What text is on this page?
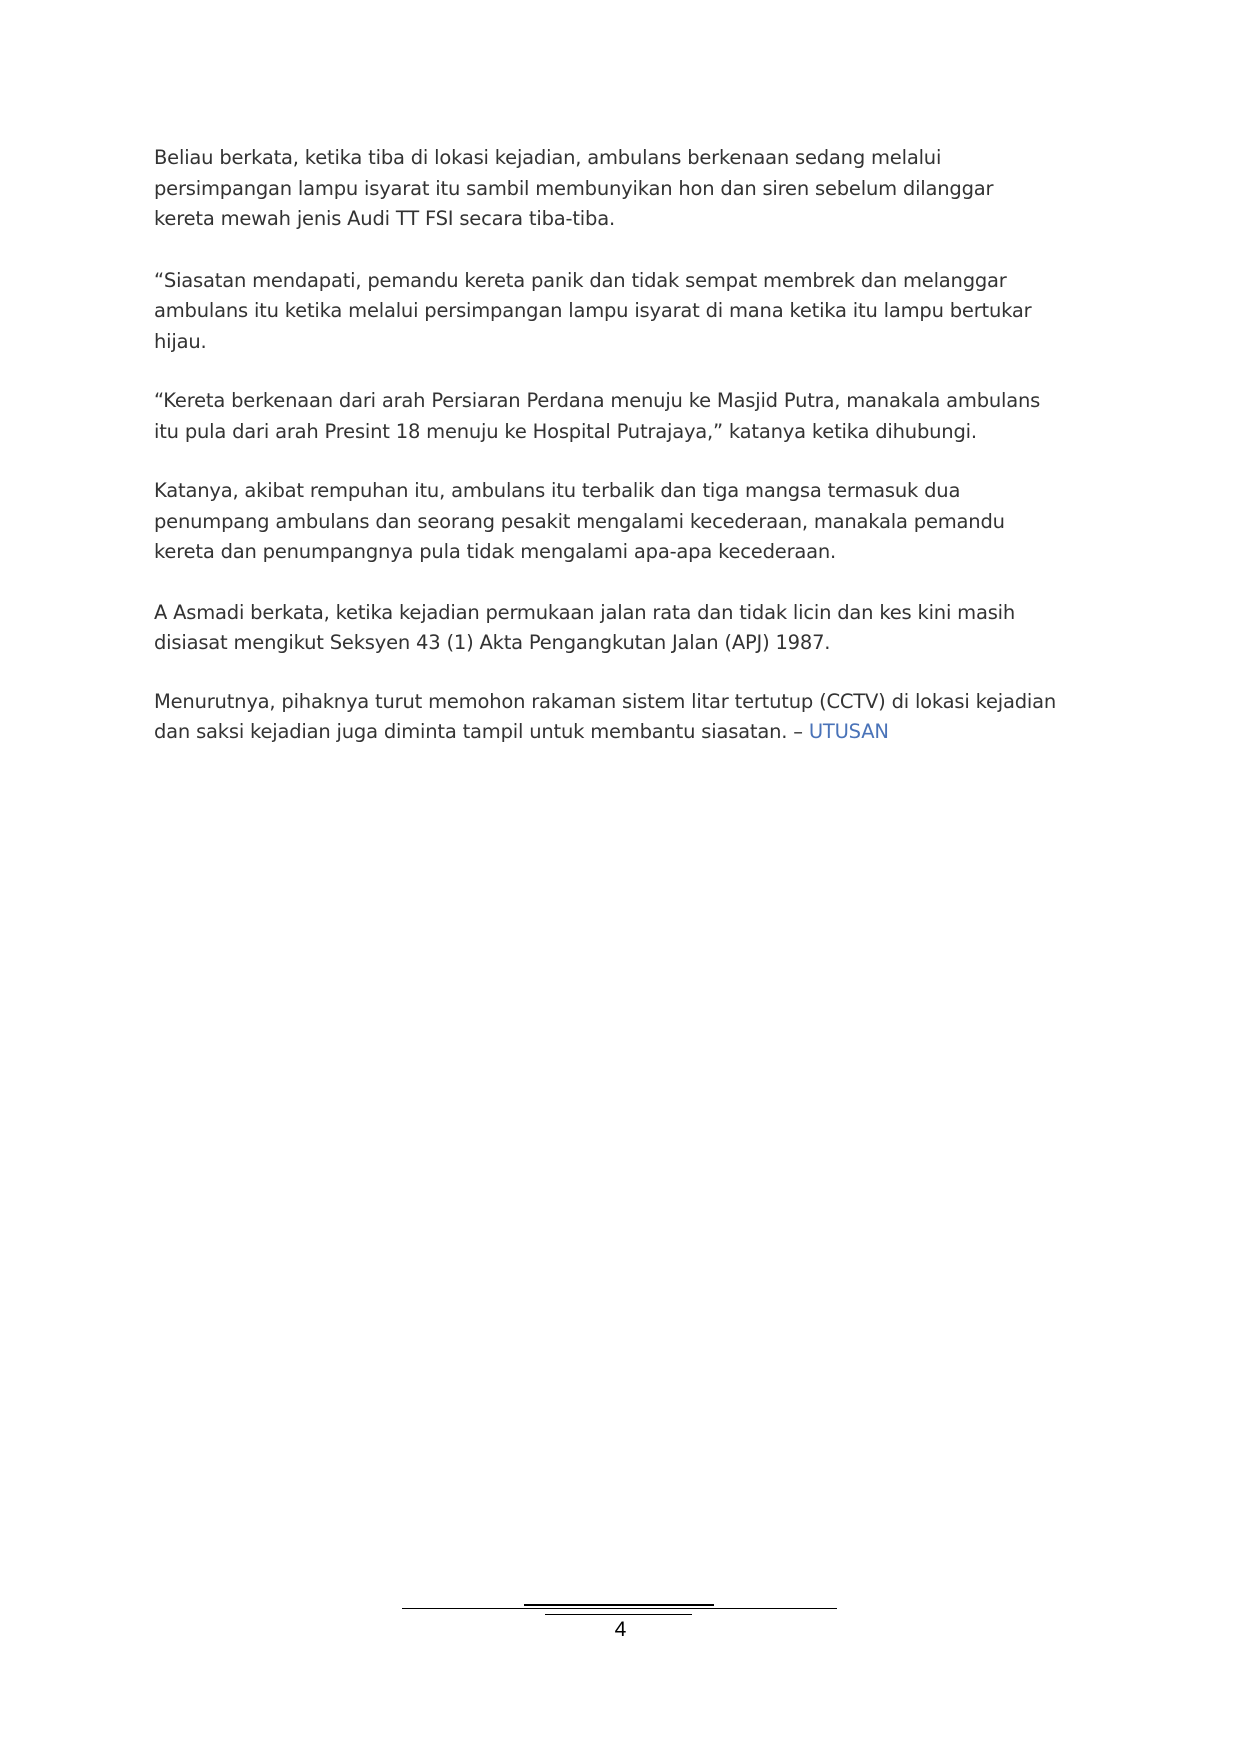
Beliau berkata, ketika tiba di lokasi kejadian, ambulans berkenaan sedang melalui
persimpangan lampu isyarat itu sambil membunyikan hon dan siren sebelum dilanggar
kereta mewah jenis Audi TT FSI secara tiba-tiba.

“Siasatan mendapati, pemandu kereta panik dan tidak sempat membrek dan melanggar
ambulans itu ketika melalui persimpangan lampu isyarat di mana ketika itu lampu bertukar
hijau.

“Kereta berkenaan dari arah Persiaran Perdana menuju ke Masjid Putra, manakala ambulans
itu pula dari arah Presint 18 menuju ke Hospital Putrajaya,” katanya ketika dihubungi.

Katanya, akibat rempuhan itu, ambulans itu terbalik dan tiga mangsa termasuk dua
penumpang ambulans dan seorang pesakit mengalami kecederaan, manakala pemandu
kereta dan penumpangnya pula tidak mengalami apa-apa kecederaan.

A Asmadi berkata, ketika kejadian permukaan jalan rata dan tidak licin dan kes kini masih
disiasat mengikut Seksyen 43 (1) Akta Pengangkutan Jalan (APJ) 1987.

Menurutnya, pihaknya turut memohon rakaman sistem litar tertutup (CCTV) di lokasi kejadian
dan saksi kejadian juga diminta tampil untuk membantu siasatan. – UTUSAN

4
